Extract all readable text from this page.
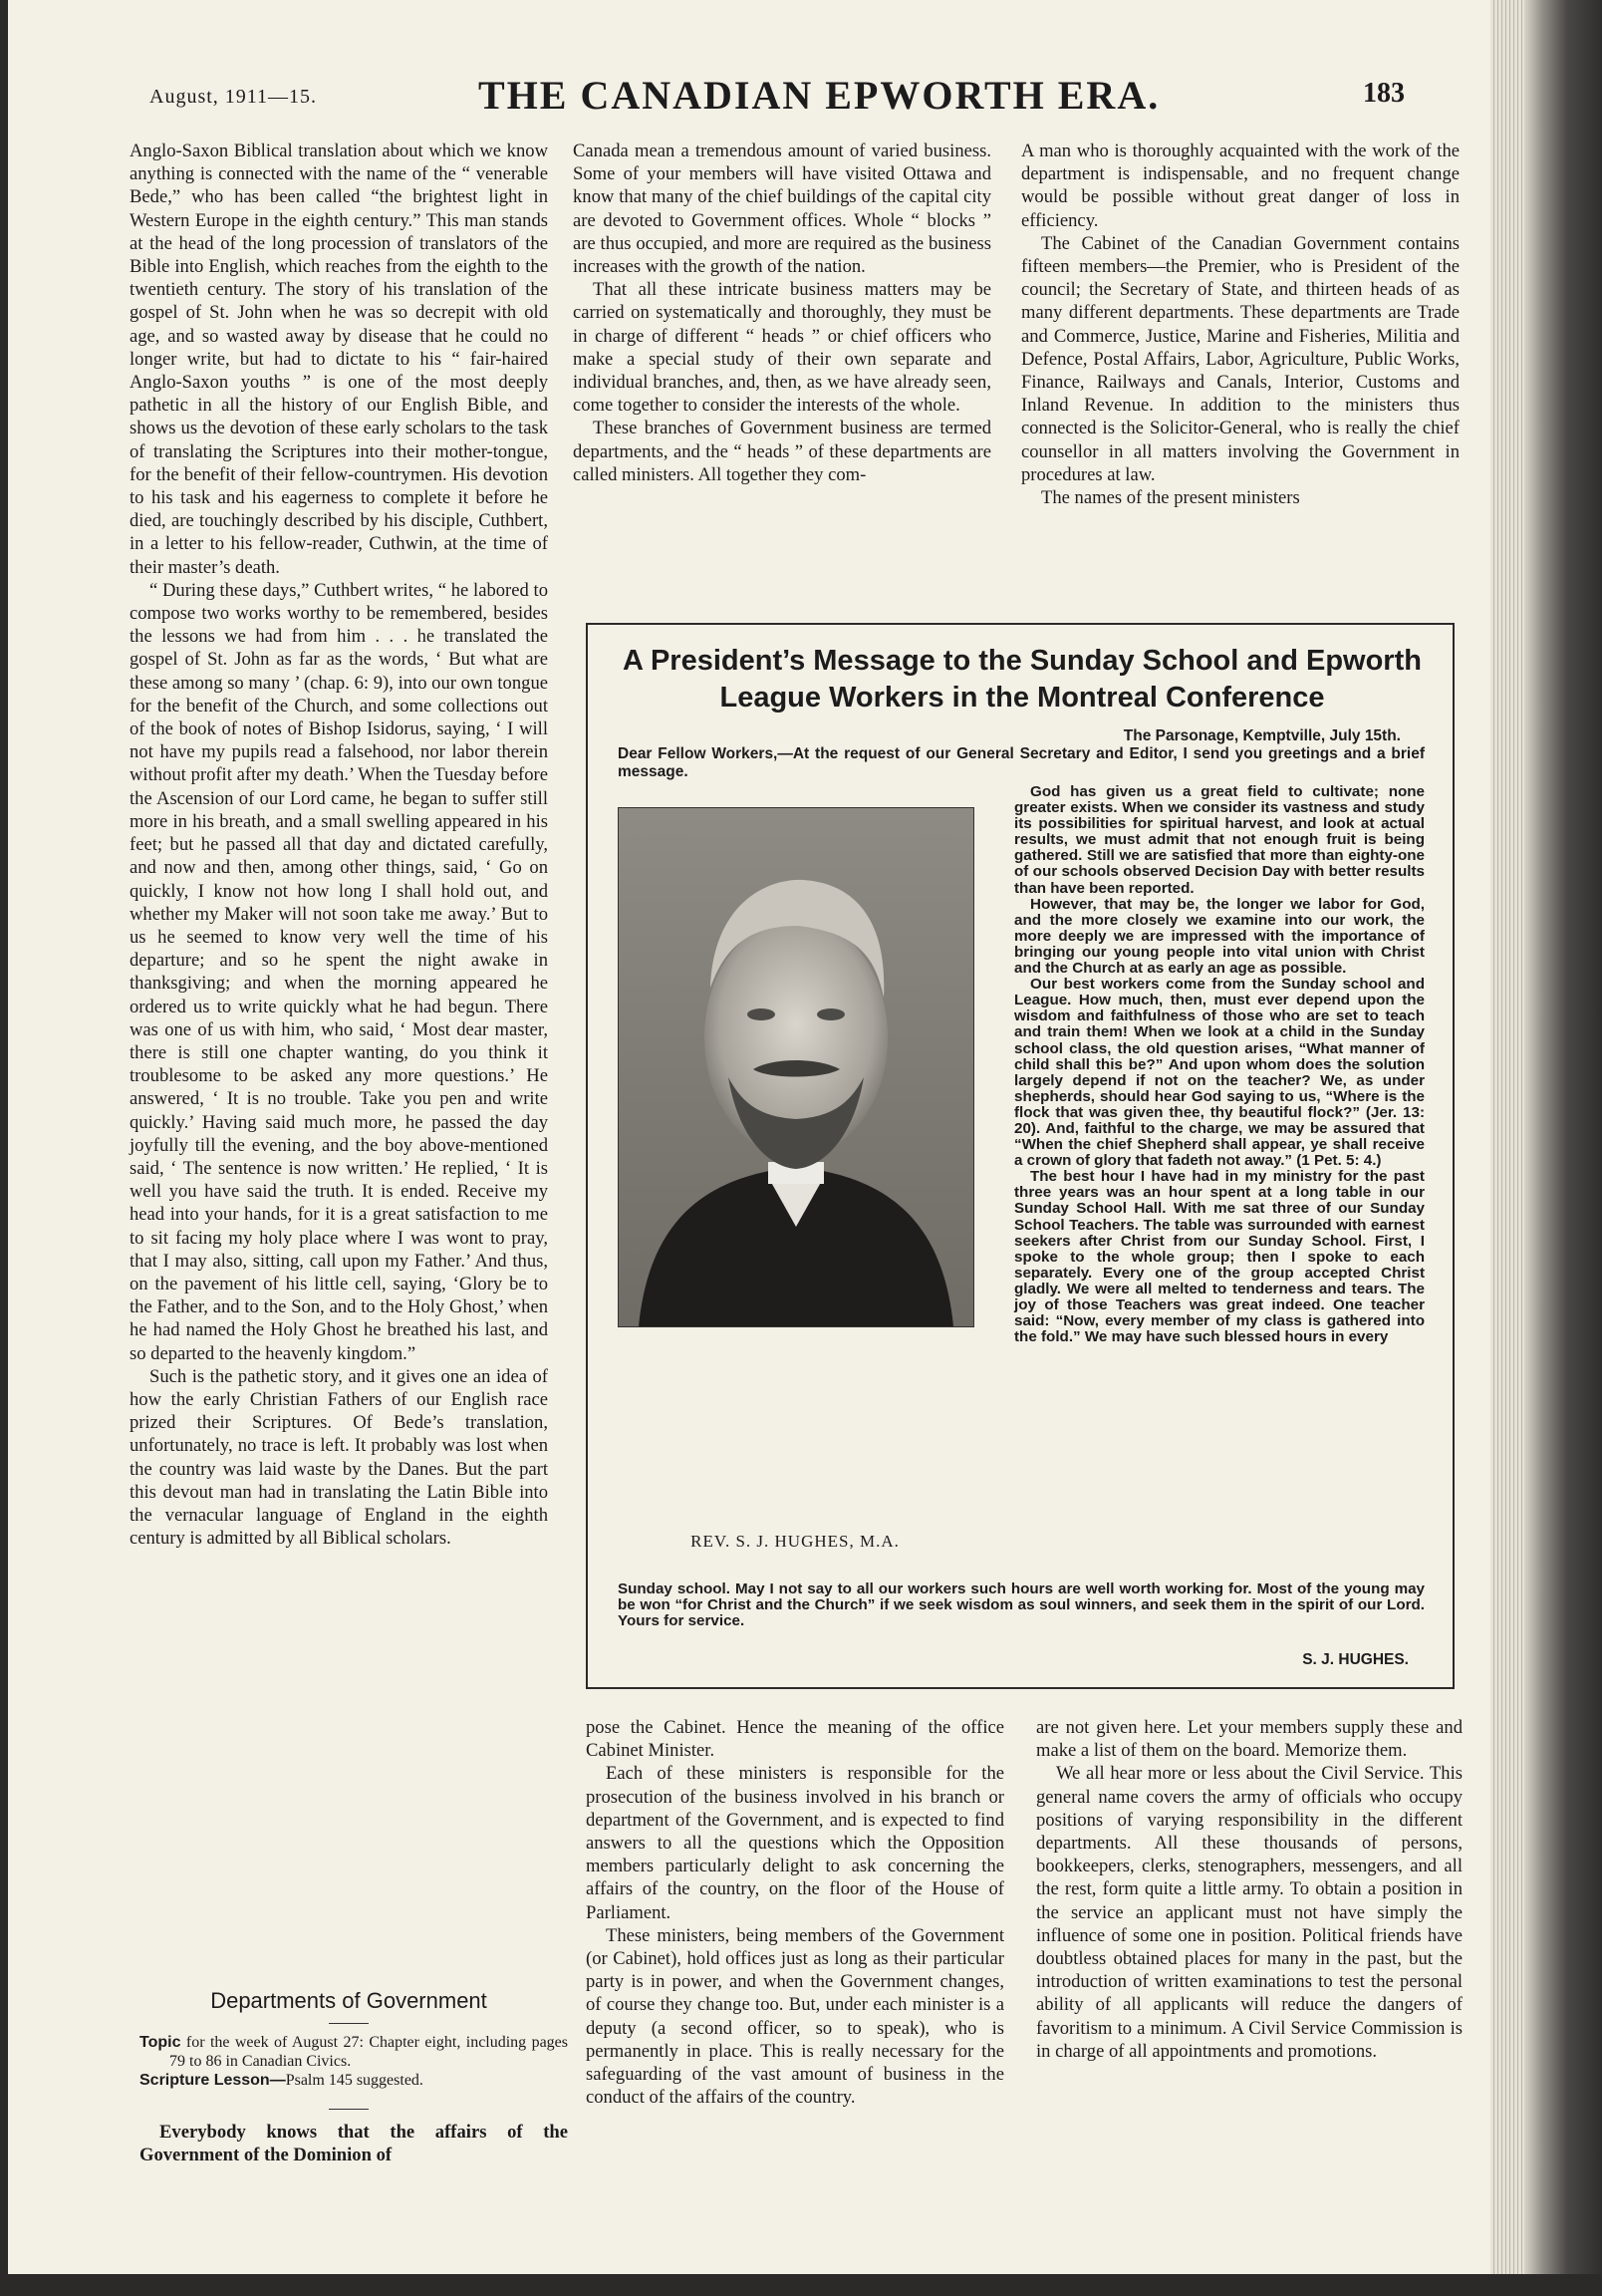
August, 1911—15.	THE CANADIAN EPWORTH ERA.	183

Anglo-Saxon Biblical translation about which we know anything is connected with the name of the “ venerable Bede,” who has been called “the brightest light in Western Europe in the eighth century.” This man stands at the head of the long procession of translators of the Bible into English, which reaches from the eighth to the twentieth century. The story of his translation of the gospel of St. John when he was so decrepit with old age, and so wasted away by disease that he could no longer write, but had to dictate to his “ fair-haired Anglo-Saxon youths ” is one of the most deeply pathetic in all the history of our English Bible, and shows us the devotion of these early scholars to the task of translating the Scriptures into their mother-tongue, for the benefit of their fellow-countrymen. His devotion to his task and his eagerness to complete it before he died, are touchingly described by his disciple, Cuthbert, in a letter to his fellow-reader, Cuthwin, at the time of their master’s death.

“ During these days,” Cuthbert writes, “ he labored to compose two works worthy to be remembered, besides the lessons we had from him . . . he translated the gospel of St. John as far as the words, ‘ But what are these among so many ’ (chap. 6: 9), into our own tongue for the benefit of the Church, and some collections out of the book of notes of Bishop Isidorus, saying, ‘ I will not have my pupils read a falsehood, nor labor therein without profit after my death.’ When the Tuesday before the Ascension of our Lord came, he began to suffer still more in his breath, and a small swelling appeared in his feet; but he passed all that day and dictated carefully, and now and then, among other things, said, ‘ Go on quickly, I know not how long I shall hold out, and whether my Maker will not soon take me away.’ But to us he seemed to know very well the time of his departure; and so he spent the night awake in thanksgiving; and when the morning appeared he ordered us to write quickly what he had begun. There was one of us with him, who said, ‘ Most dear master, there is still one chapter wanting, do you think it troublesome to be asked any more questions.’ He answered, ‘ It is no trouble. Take you pen and write quickly.’ Having said much more, he passed the day joyfully till the evening, and the boy above-mentioned said, ‘ The sentence is now written.’ He replied, ‘ It is well you have said the truth. It is ended. Receive my head into your hands, for it is a great satisfaction to me to sit facing my holy place where I was wont to pray, that I may also, sitting, call upon my Father.’ And thus, on the pavement of his little cell, saying, ‘Glory be to the Father, and to the Son, and to the Holy Ghost,’ when he had named the Holy Ghost he breathed his last, and so departed to the heavenly kingdom.”

Such is the pathetic story, and it gives one an idea of how the early Christian Fathers of our English race prized their Scriptures. Of Bede’s translation, unfortunately, no trace is left. It probably was lost when the country was laid waste by the Danes. But the part this devout man had in translating the Latin Bible into the vernacular language of England in the eighth century is admitted by all Biblical scholars.

Departments of Government

Topic for the week of August 27: Chapter eight, including pages 79 to 86 in Canadian Civics.

Scripture Lesson—Psalm 145 suggested.

Everybody knows that the affairs of the Government of the Dominion of

Canada mean a tremendous amount of varied business. Some of your members will have visited Ottawa and know that many of the chief buildings of the capital city are devoted to Government offices. Whole “ blocks ” are thus occupied, and more are required as the business increases with the growth of the nation.

That all these intricate business matters may be carried on systematically and thoroughly, they must be in charge of different “ heads ” or chief officers who make a special study of their own separate and individual branches, and, then, as we have already seen, come together to consider the interests of the whole.

These branches of Government business are termed departments, and the “ heads ” of these departments are called ministers. All together they com-

A man who is thoroughly acquainted with the work of the department is indispensable, and no frequent change would be possible without great danger of loss in efficiency.

The Cabinet of the Canadian Government contains fifteen members—the Premier, who is President of the council; the Secretary of State, and thirteen heads of as many different departments. These departments are Trade and Commerce, Justice, Marine and Fisheries, Militia and Defence, Postal Affairs, Labor, Agriculture, Public Works, Finance, Railways and Canals, Interior, Customs and Inland Revenue. In addition to the ministers thus connected is the Solicitor-General, who is really the chief counsellor in all matters involving the Government in procedures at law.

The names of the present ministers

A President’s Message to the Sunday School and Epworth
League Workers in the Montreal Conference
The Parsonage, Kemptville, July 15th.
Dear Fellow Workers,—At the request of our General Secretary and Editor, I send you greetings and a brief message.
REV. S. J. HUGHES, M.A.

God has given us a great field to cultivate; none greater exists. When we consider its vastness and study its possibilities for spiritual harvest, and look at actual results, we must admit that not enough fruit is being gathered. Still we are satisfied that more than eighty-one of our schools observed Decision Day with better results than have been reported.

However, that may be, the longer we labor for God, and the more closely we examine into our work, the more deeply we are impressed with the importance of bringing our young people into vital union with Christ and the Church at as early an age as possible.

Our best workers come from the Sunday school and League. How much, then, must ever depend upon the wisdom and faithfulness of those who are set to teach and train them! When we look at a child in the Sunday school class, the old question arises, “What manner of child shall this be?” And upon whom does the solution largely depend if not on the teacher? We, as under shepherds, should hear God saying to us, “Where is the flock that was given thee, thy beautiful flock?” (Jer. 13: 20). And, faithful to the charge, we may be assured that “When the chief Shepherd shall appear, ye shall receive a crown of glory that fadeth not away.” (1 Pet. 5: 4.)

The best hour I have had in my ministry for the past three years was an hour spent at a long table in our Sunday School Hall. With me sat three of our Sunday School Teachers. The table was surrounded with earnest seekers after Christ from our Sunday School. First, I spoke to the whole group; then I spoke to each separately. Every one of the group accepted Christ gladly. We were all melted to tenderness and tears. The joy of those Teachers was great indeed. One teacher said: “Now, every member of my class is gathered into the fold.” We may have such blessed hours in every

Sunday school. May I not say to all our workers such hours are well worth working for. Most of the young may be won “for Christ and the Church” if we seek wisdom as soul winners, and seek them in the spirit of our Lord. Yours for service.
S. J. HUGHES.

pose the Cabinet. Hence the meaning of the office Cabinet Minister.

Each of these ministers is responsible for the prosecution of the business involved in his branch or department of the Government, and is expected to find answers to all the questions which the Opposition members particularly delight to ask concerning the affairs of the country, on the floor of the House of Parliament.

These ministers, being members of the Government (or Cabinet), hold offices just as long as their particular party is in power, and when the Government changes, of course they change too. But, under each minister is a deputy (a second officer, so to speak), who is permanently in place. This is really necessary for the safeguarding of the vast amount of business in the conduct of the affairs of the country.

are not given here. Let your members supply these and make a list of them on the board. Memorize them.

We all hear more or less about the Civil Service. This general name covers the army of officials who occupy positions of varying responsibility in the different departments. All these thousands of persons, bookkeepers, clerks, stenographers, messengers, and all the rest, form quite a little army. To obtain a position in the service an applicant must not have simply the influence of some one in position. Political friends have doubtless obtained places for many in the past, but the introduction of written examinations to test the personal ability of all applicants will reduce the dangers of favoritism to a minimum. A Civil Service Commission is in charge of all appointments and promotions.
